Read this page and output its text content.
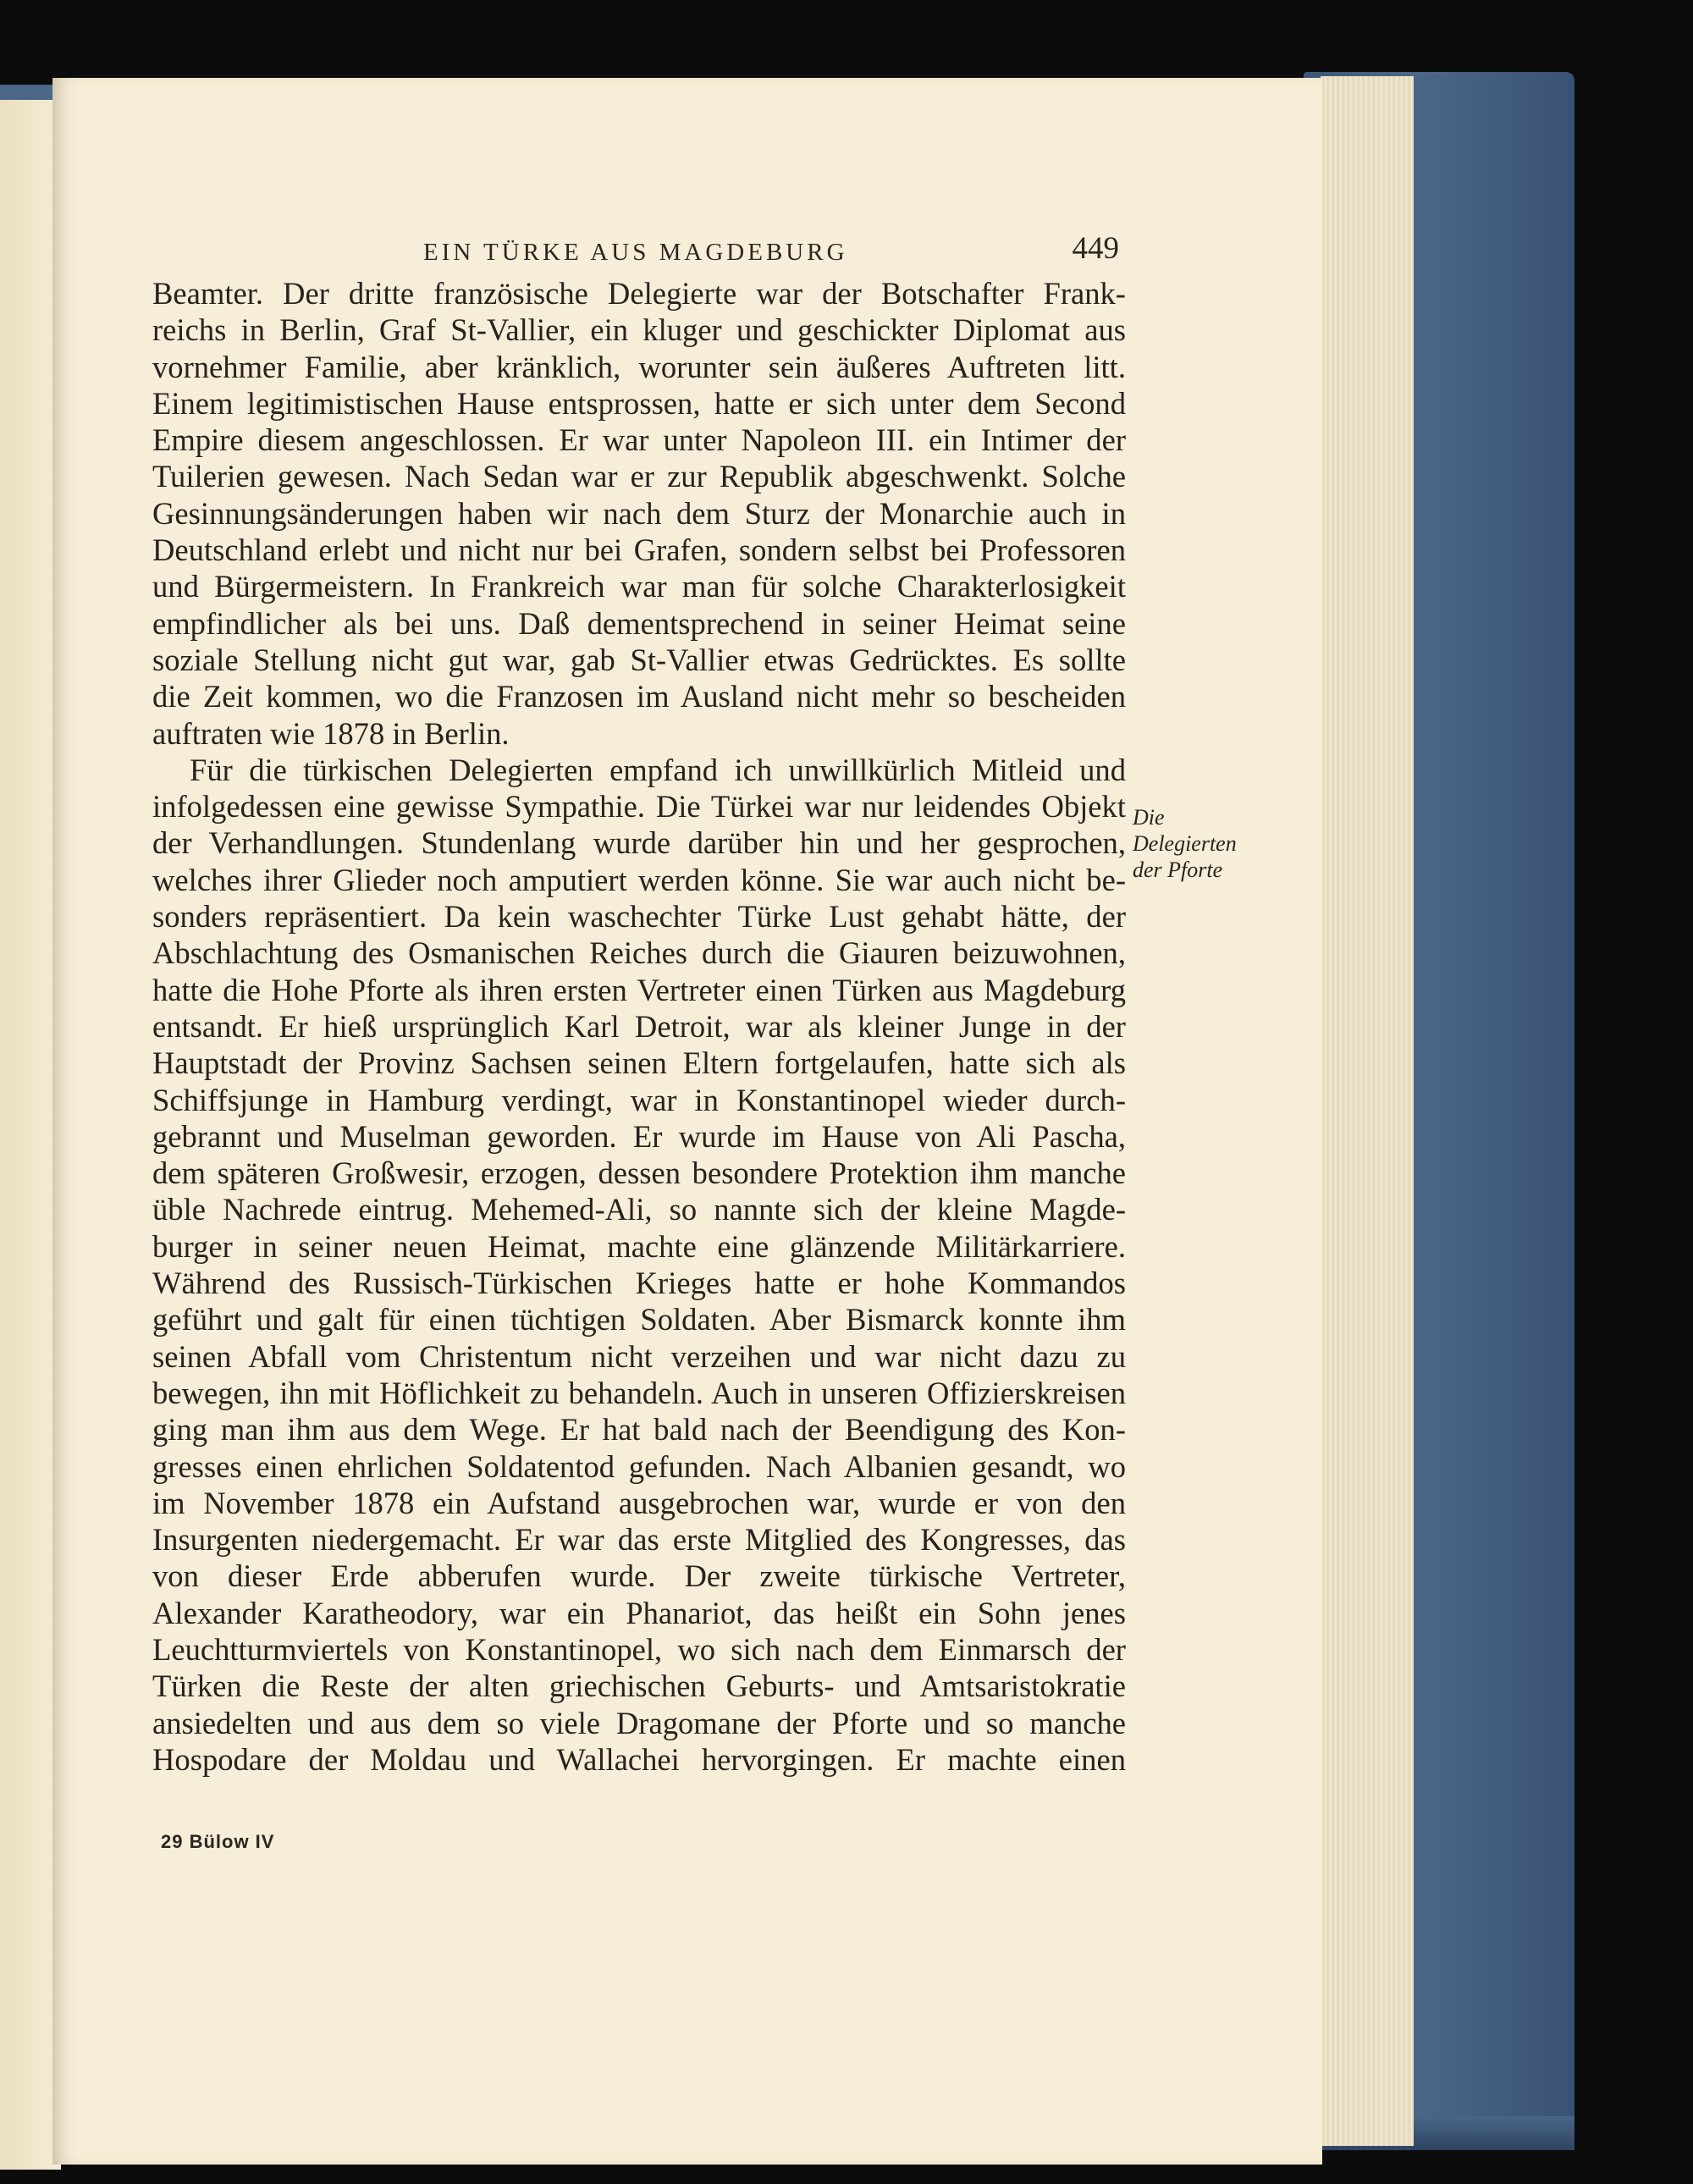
EIN TÜRKE AUS MAGDEBURG	449
Beamter. Der dritte französische Delegierte war der Botschafter Frank-
reichs in Berlin, Graf St-Vallier, ein kluger und geschickter Diplomat aus
vornehmer Familie, aber kränklich, worunter sein äußeres Auftreten litt.
Einem legitimistischen Hause entsprossen, hatte er sich unter dem Second
Empire diesem angeschlossen. Er war unter Napoleon III. ein Intimer der
Tuilerien gewesen. Nach Sedan war er zur Republik abgeschwenkt. Solche
Gesinnungsänderungen haben wir nach dem Sturz der Monarchie auch in
Deutschland erlebt und nicht nur bei Grafen, sondern selbst bei Professoren
und Bürgermeistern. In Frankreich war man für solche Charakterlosigkeit
empfindlicher als bei uns. Daß dementsprechend in seiner Heimat seine
soziale Stellung nicht gut war, gab St-Vallier etwas Gedrücktes. Es sollte
die Zeit kommen, wo die Franzosen im Ausland nicht mehr so bescheiden
auftraten wie 1878 in Berlin.
Für die türkischen Delegierten empfand ich unwillkürlich Mitleid und
infolgedessen eine gewisse Sympathie. Die Türkei war nur leidendes Objekt
der Verhandlungen. Stundenlang wurde darüber hin und her gesprochen,
welches ihrer Glieder noch amputiert werden könne. Sie war auch nicht be-
sonders repräsentiert. Da kein waschechter Türke Lust gehabt hätte, der
Abschlachtung des Osmanischen Reiches durch die Giauren beizuwohnen,
hatte die Hohe Pforte als ihren ersten Vertreter einen Türken aus Magdeburg
entsandt. Er hieß ursprünglich Karl Detroit, war als kleiner Junge in der
Hauptstadt der Provinz Sachsen seinen Eltern fortgelaufen, hatte sich als
Schiffsjunge in Hamburg verdingt, war in Konstantinopel wieder durch-
gebrannt und Muselman geworden. Er wurde im Hause von Ali Pascha,
dem späteren Großwesir, erzogen, dessen besondere Protektion ihm manche
üble Nachrede eintrug. Mehemed-Ali, so nannte sich der kleine Magde-
burger in seiner neuen Heimat, machte eine glänzende Militärkarriere.
Während des Russisch-Türkischen Krieges hatte er hohe Kommandos
geführt und galt für einen tüchtigen Soldaten. Aber Bismarck konnte ihm
seinen Abfall vom Christentum nicht verzeihen und war nicht dazu zu
bewegen, ihn mit Höflichkeit zu behandeln. Auch in unseren Offizierskreisen
ging man ihm aus dem Wege. Er hat bald nach der Beendigung des Kon-
gresses einen ehrlichen Soldatentod gefunden. Nach Albanien gesandt, wo
im November 1878 ein Aufstand ausgebrochen war, wurde er von den
Insurgenten niedergemacht. Er war das erste Mitglied des Kongresses, das
von dieser Erde abberufen wurde. Der zweite türkische Vertreter,
Alexander Karatheodory, war ein Phanariot, das heißt ein Sohn jenes
Leuchtturmviertels von Konstantinopel, wo sich nach dem Einmarsch der
Türken die Reste der alten griechischen Geburts- und Amtsaristokratie
ansiedelten und aus dem so viele Dragomane der Pforte und so manche
Hospodare der Moldau und Wallachei hervorgingen. Er machte einen
Die
Delegierten
der Pforte
29 Bülow IV
